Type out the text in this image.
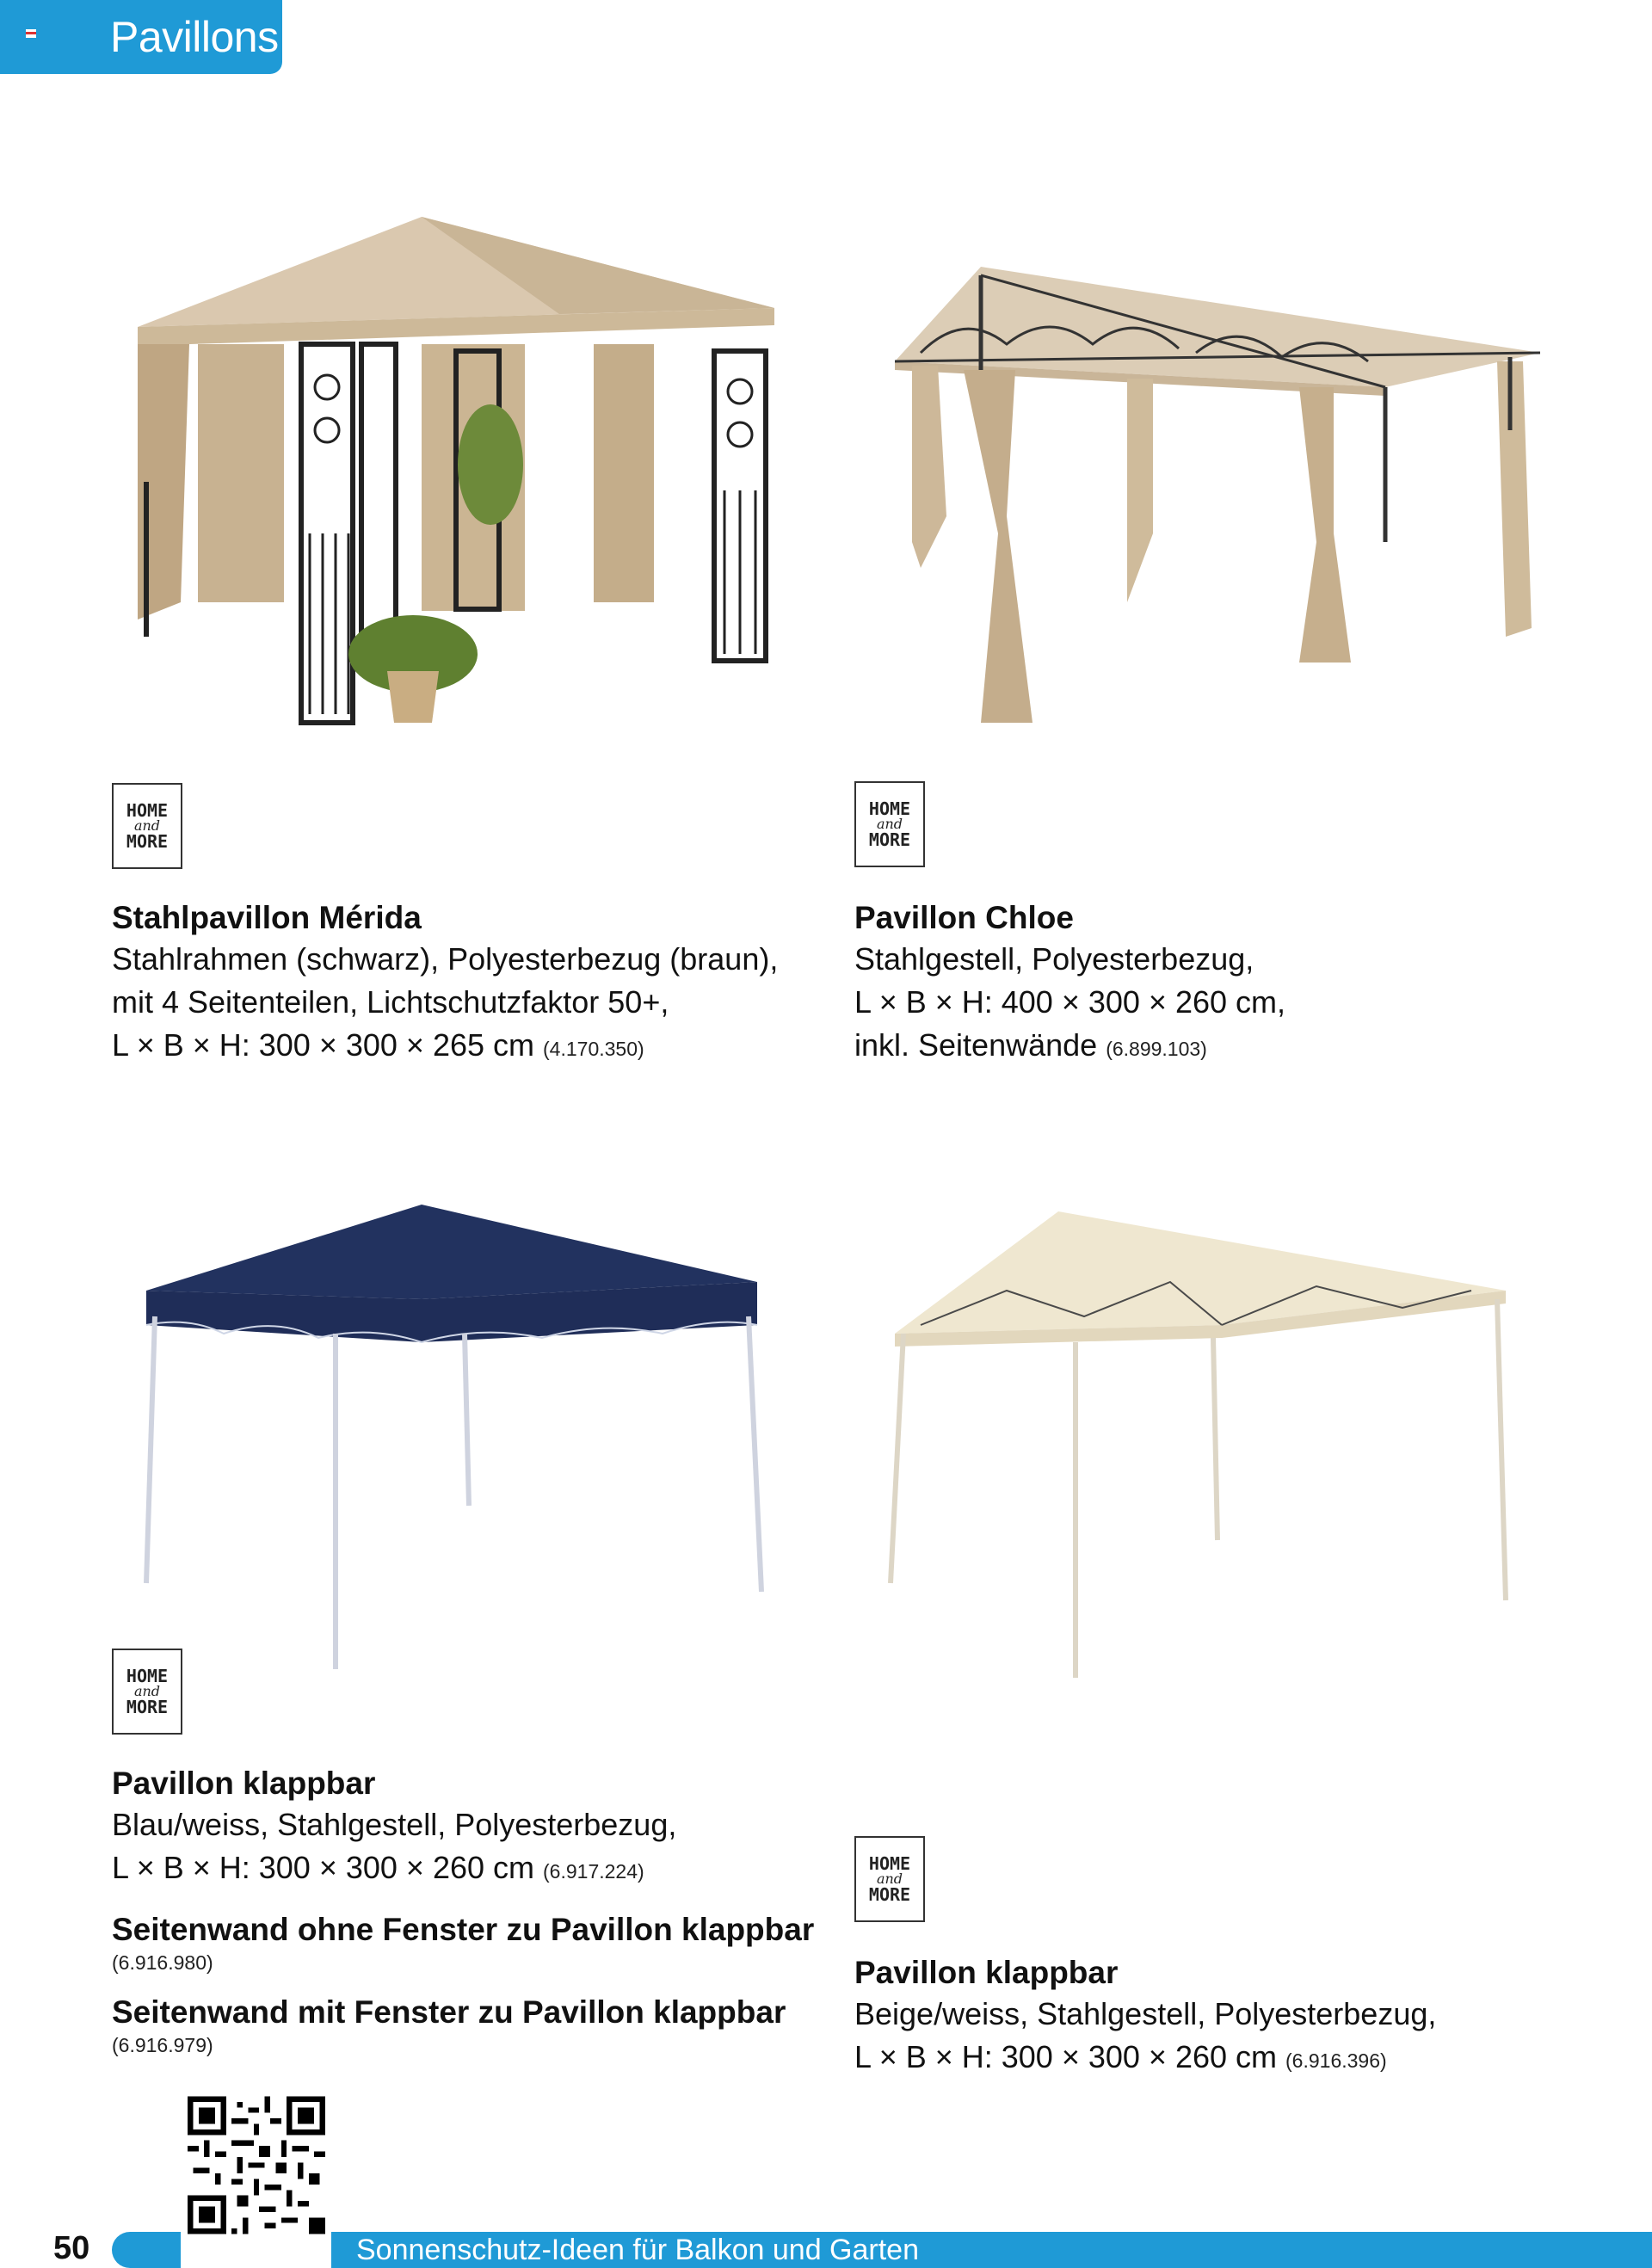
Pavillons
HOME
and
MORE
Stahlpavillon Mérida
Stahlrahmen (schwarz), Polyesterbezug (braun),
mit 4 Seitenteilen, Lichtschutzfaktor 50+,
L × B × H: 300 × 300 × 265 cm (4.170.350)
HOME
and
MORE
Pavillon Chloe
Stahlgestell, Polyesterbezug,
L × B × H: 400 × 300 × 260 cm,
inkl. Seitenwände (6.899.103)
HOME
and
MORE
Pavillon klappbar
Blau/weiss, Stahlgestell, Polyesterbezug,
L × B × H: 300 × 300 × 260 cm (6.917.224)
Seitenwand ohne Fenster zu Pavillon klappbar
(6.916.980)
Seitenwand mit Fenster zu Pavillon klappbar
(6.916.979)
HOME
and
MORE
Pavillon klappbar
Beige/weiss, Stahlgestell, Polyesterbezug,
L × B × H: 300 × 300 × 260 cm (6.916.396)
50	Sonnenschutz-Ideen für Balkon und Garten
